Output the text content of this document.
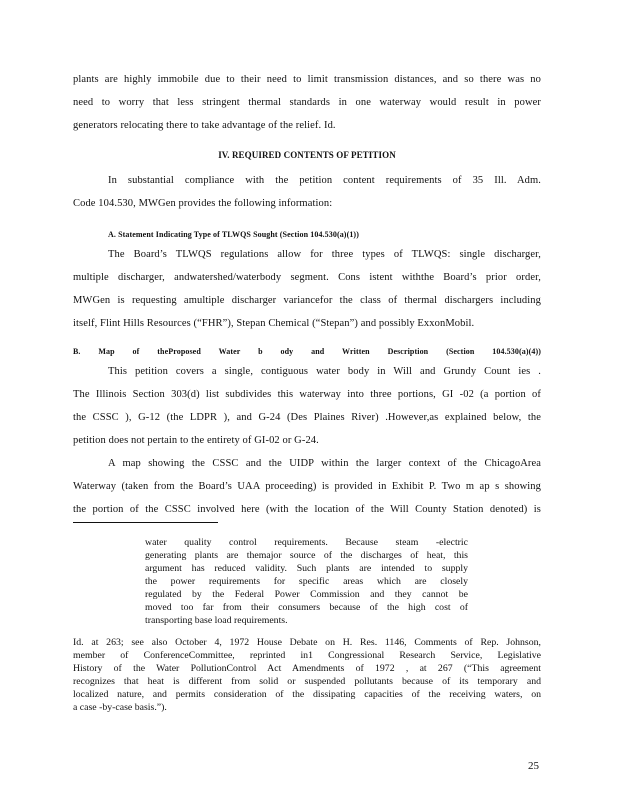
plants are highly immobile due to their need to limit transmission distances, and so there was no
need to worry that less stringent thermal standards in one waterway would result in power
generators relocating there to take advantage of the relief. Id.
IV. REQUIRED CONTENTS OF PETITION
In substantial compliance with the petition content requirements of 35 Ill. Adm.
Code 104.530, MWGen provides the following information:
A. Statement Indicating Type of TLWQS Sought (Section 104.530(a)(1))
The Board’s TLWQS regulations allow for three types of TLWQS: single discharger,
multiple discharger, andwatershed/waterbody segment. Cons istent withthe Board’s prior order,
MWGen is requesting amultiple discharger variancefor the class of thermal dischargers including
itself, Flint Hills Resources (“FHR”), Stepan Chemical (“Stepan”) and possibly ExxonMobil.
B. Map of theProposed Water b ody and Written Description (Section 104.530(a)(4))
This petition covers a single, contiguous water body in Will and Grundy Count ies .
The Illinois Section 303(d) list subdivides this waterway into three portions, GI -02 (a portion of
the CSSC ), G-12 (the LDPR ), and G-24 (Des Plaines River) .However,as explained below, the
petition does not pertain to the entirety of GI-02 or G-24.
A map showing the CSSC and the UIDP within the larger context of the ChicagoArea
Waterway (taken from the Board’s UAA proceeding) is provided in Exhibit P. Two m ap s showing
the portion of the CSSC involved here (with the location of the Will County Station denoted) is
water quality control requirements. Because steam -electric
generating plants are themajor source of the discharges of heat, this
argument has reduced validity. Such plants are intended to supply
the power requirements for specific areas which are closely
regulated by the Federal Power Commission and they cannot be
moved too far from their consumers because of the high cost of
transporting base load requirements.
Id. at 263; see also October 4, 1972 House Debate on H. Res. 1146, Comments of Rep. Johnson,
member of ConferenceCommittee, reprinted in1 Congressional Research Service, Legislative
History of the Water PollutionControl Act Amendments of 1972 , at 267 (“This agreement
recognizes that heat is different from solid or suspended pollutants because of its temporary and
localized nature, and permits consideration of the dissipating capacities of the receiving waters, on
a case -by-case basis.”).
25
